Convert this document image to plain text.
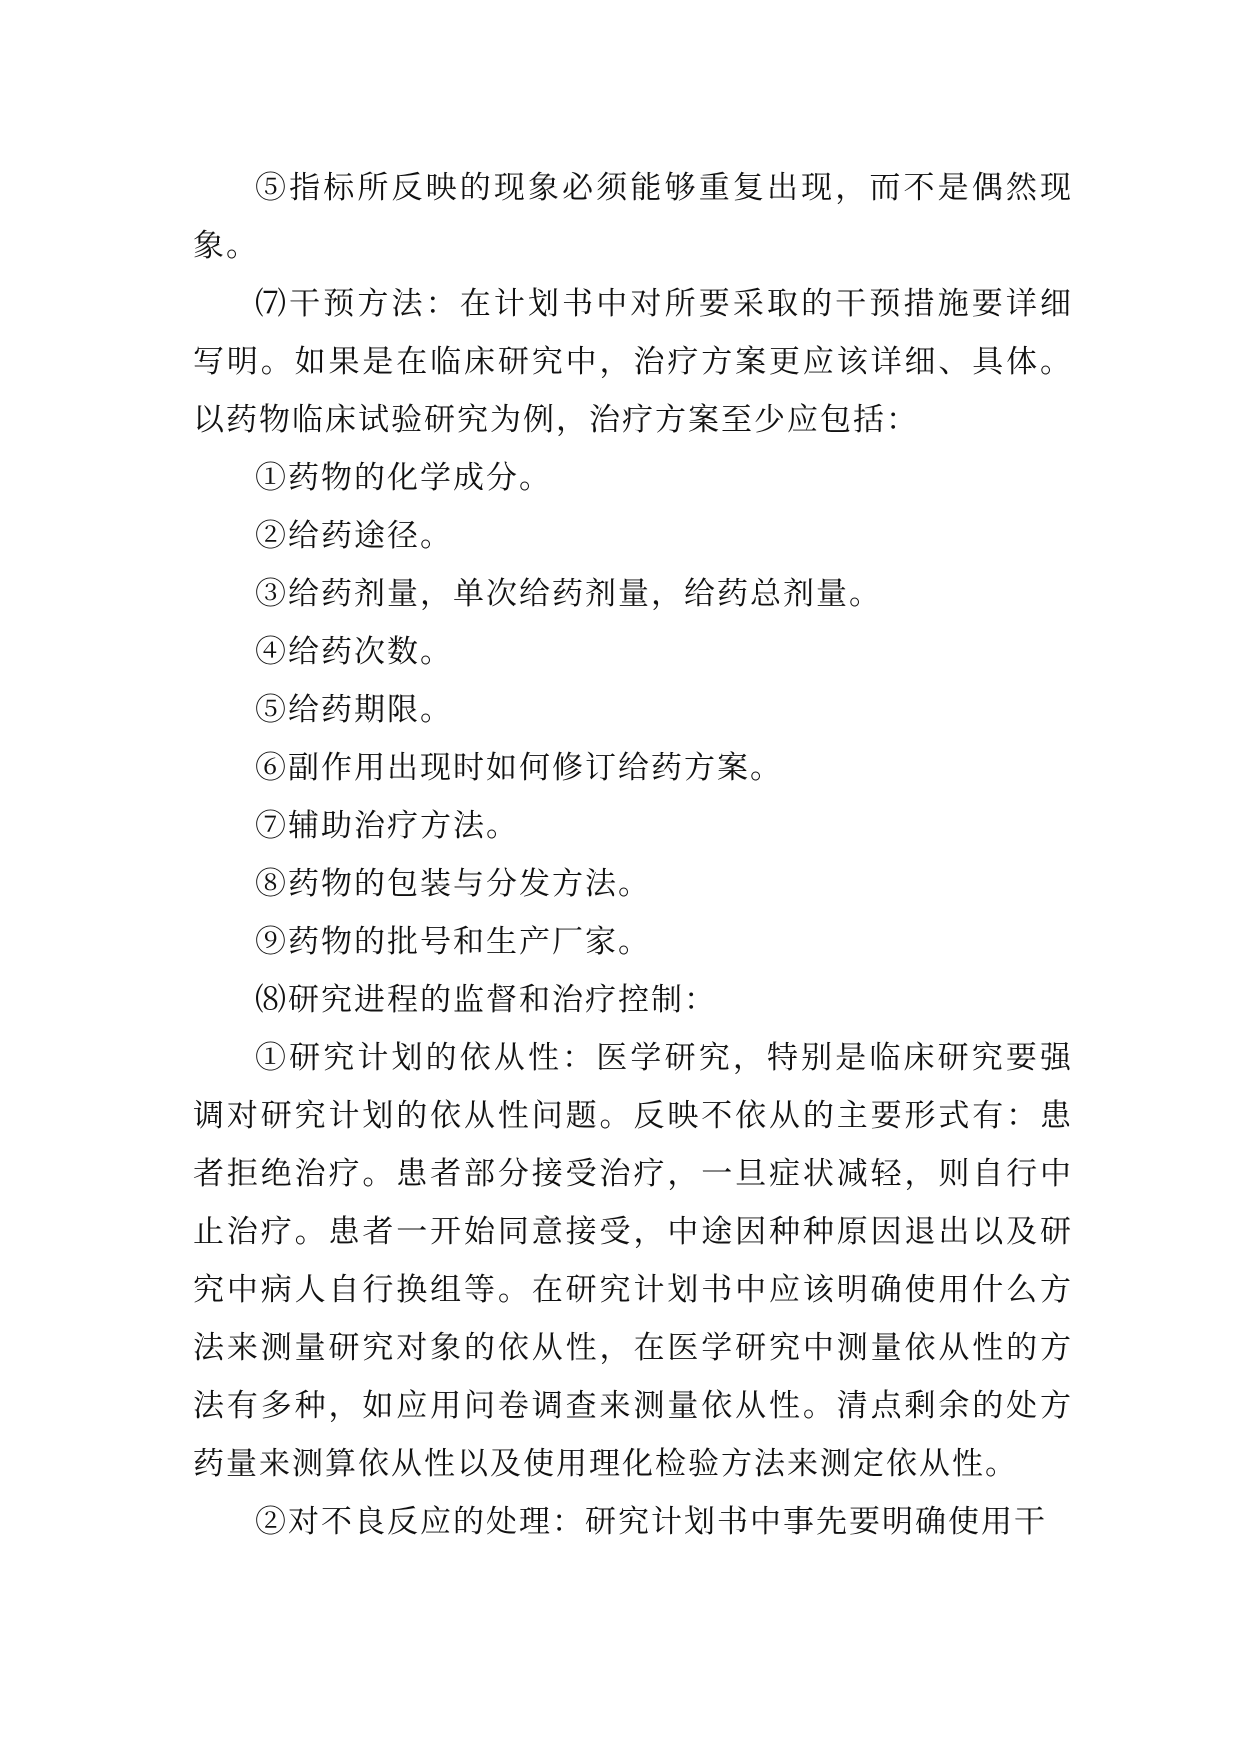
⑤指标所反映的现象必须能够重复出现，而不是偶然现象。

⑺干预方法：在计划书中对所要采取的干预措施要详细写明。如果是在临床研究中，治疗方案更应该详细、具体。以药物临床试验研究为例，治疗方案至少应包括：

①药物的化学成分。

②给药途径。

③给药剂量，单次给药剂量，给药总剂量。

④给药次数。

⑤给药期限。

⑥副作用出现时如何修订给药方案。

⑦辅助治疗方法。

⑧药物的包装与分发方法。

⑨药物的批号和生产厂家。

⑻研究进程的监督和治疗控制：

①研究计划的依从性：医学研究，特别是临床研究要强调对研究计划的依从性问题。反映不依从的主要形式有：患者拒绝治疗。患者部分接受治疗，一旦症状减轻，则自行中止治疗。患者一开始同意接受，中途因种种原因退出以及研究中病人自行换组等。在研究计划书中应该明确使用什么方法来测量研究对象的依从性，在医学研究中测量依从性的方法有多种，如应用问卷调查来测量依从性。清点剩余的处方药量来测算依从性以及使用理化检验方法来测定依从性。

②对不良反应的处理：研究计划书中事先要明确使用干
